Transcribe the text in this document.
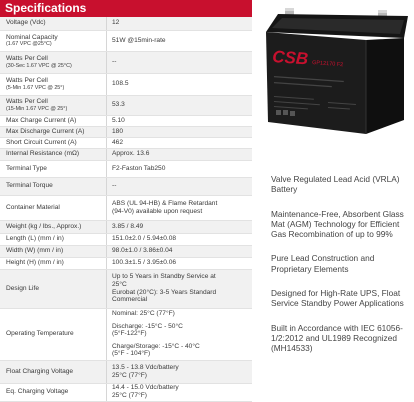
Specifications
Voltage (Vdc)	12

Nominal Capacity
(1.67 VPC @25°C)	51W @15min-rate

Watts Per Cell
(30-Sec 1.67 VPC @ 25°C)	--

Watts Per Cell
(5-Min 1.67 VPC @ 25°)	108.5

Watts Per Cell
(15-Min 1.67 VPC @ 25°)	53.3

Max Charge Current (A)	5.10

Max Discharge Current (A)	180

Short Circuit Current (A)	462

Internal Resistance (mΩ)	Approx. 13.6

Terminal Type	F2-Faston Tab250

Terminal Torque	--

Container Material	ABS (UL 94-HB) & Flame Retardant
(94-V0) available upon request

Weight (kg / lbs., Approx.)	3.85 / 8.49

Length (L) (mm / in)	151.0±2.0 / 5.94±0.08

Width (W) (mm / in)	98.0±1.0 / 3.86±0.04

Height (H) (mm / in)	100.3±1.5 / 3.95±0.06

Design Life	Up to 5 Years in Standby Service at
25°C
Eurobat (20°C): 3-5 Years Standard
Commercial

Operating Temperature	Nominal: 25°C (77°F)
Discharge: -15°C - 50°C
(5°F-122°F)
Charge/Storage: -15°C - 40°C
(5°F - 104°F)

Float Charging Voltage	13.5 - 13.8 Vdc/battery
25°C (77°F)

Eq. Charging Voltage	14.4 - 15.0 Vdc/battery
25°C (77°F)
CSB GP12170 F2
Valve Regulated Lead Acid (VRLA) Battery
Maintenance-Free, Absorbent Glass Mat (AGM) Technology for Efficient Gas Recombination of up to 99%
Pure Lead Construction and Proprietary Elements
Designed for High-Rate UPS, Float Service Standby Power Applications
Built in Accordance with IEC 61056-1/2:2012 and UL1989 Recognized (MH14533)
